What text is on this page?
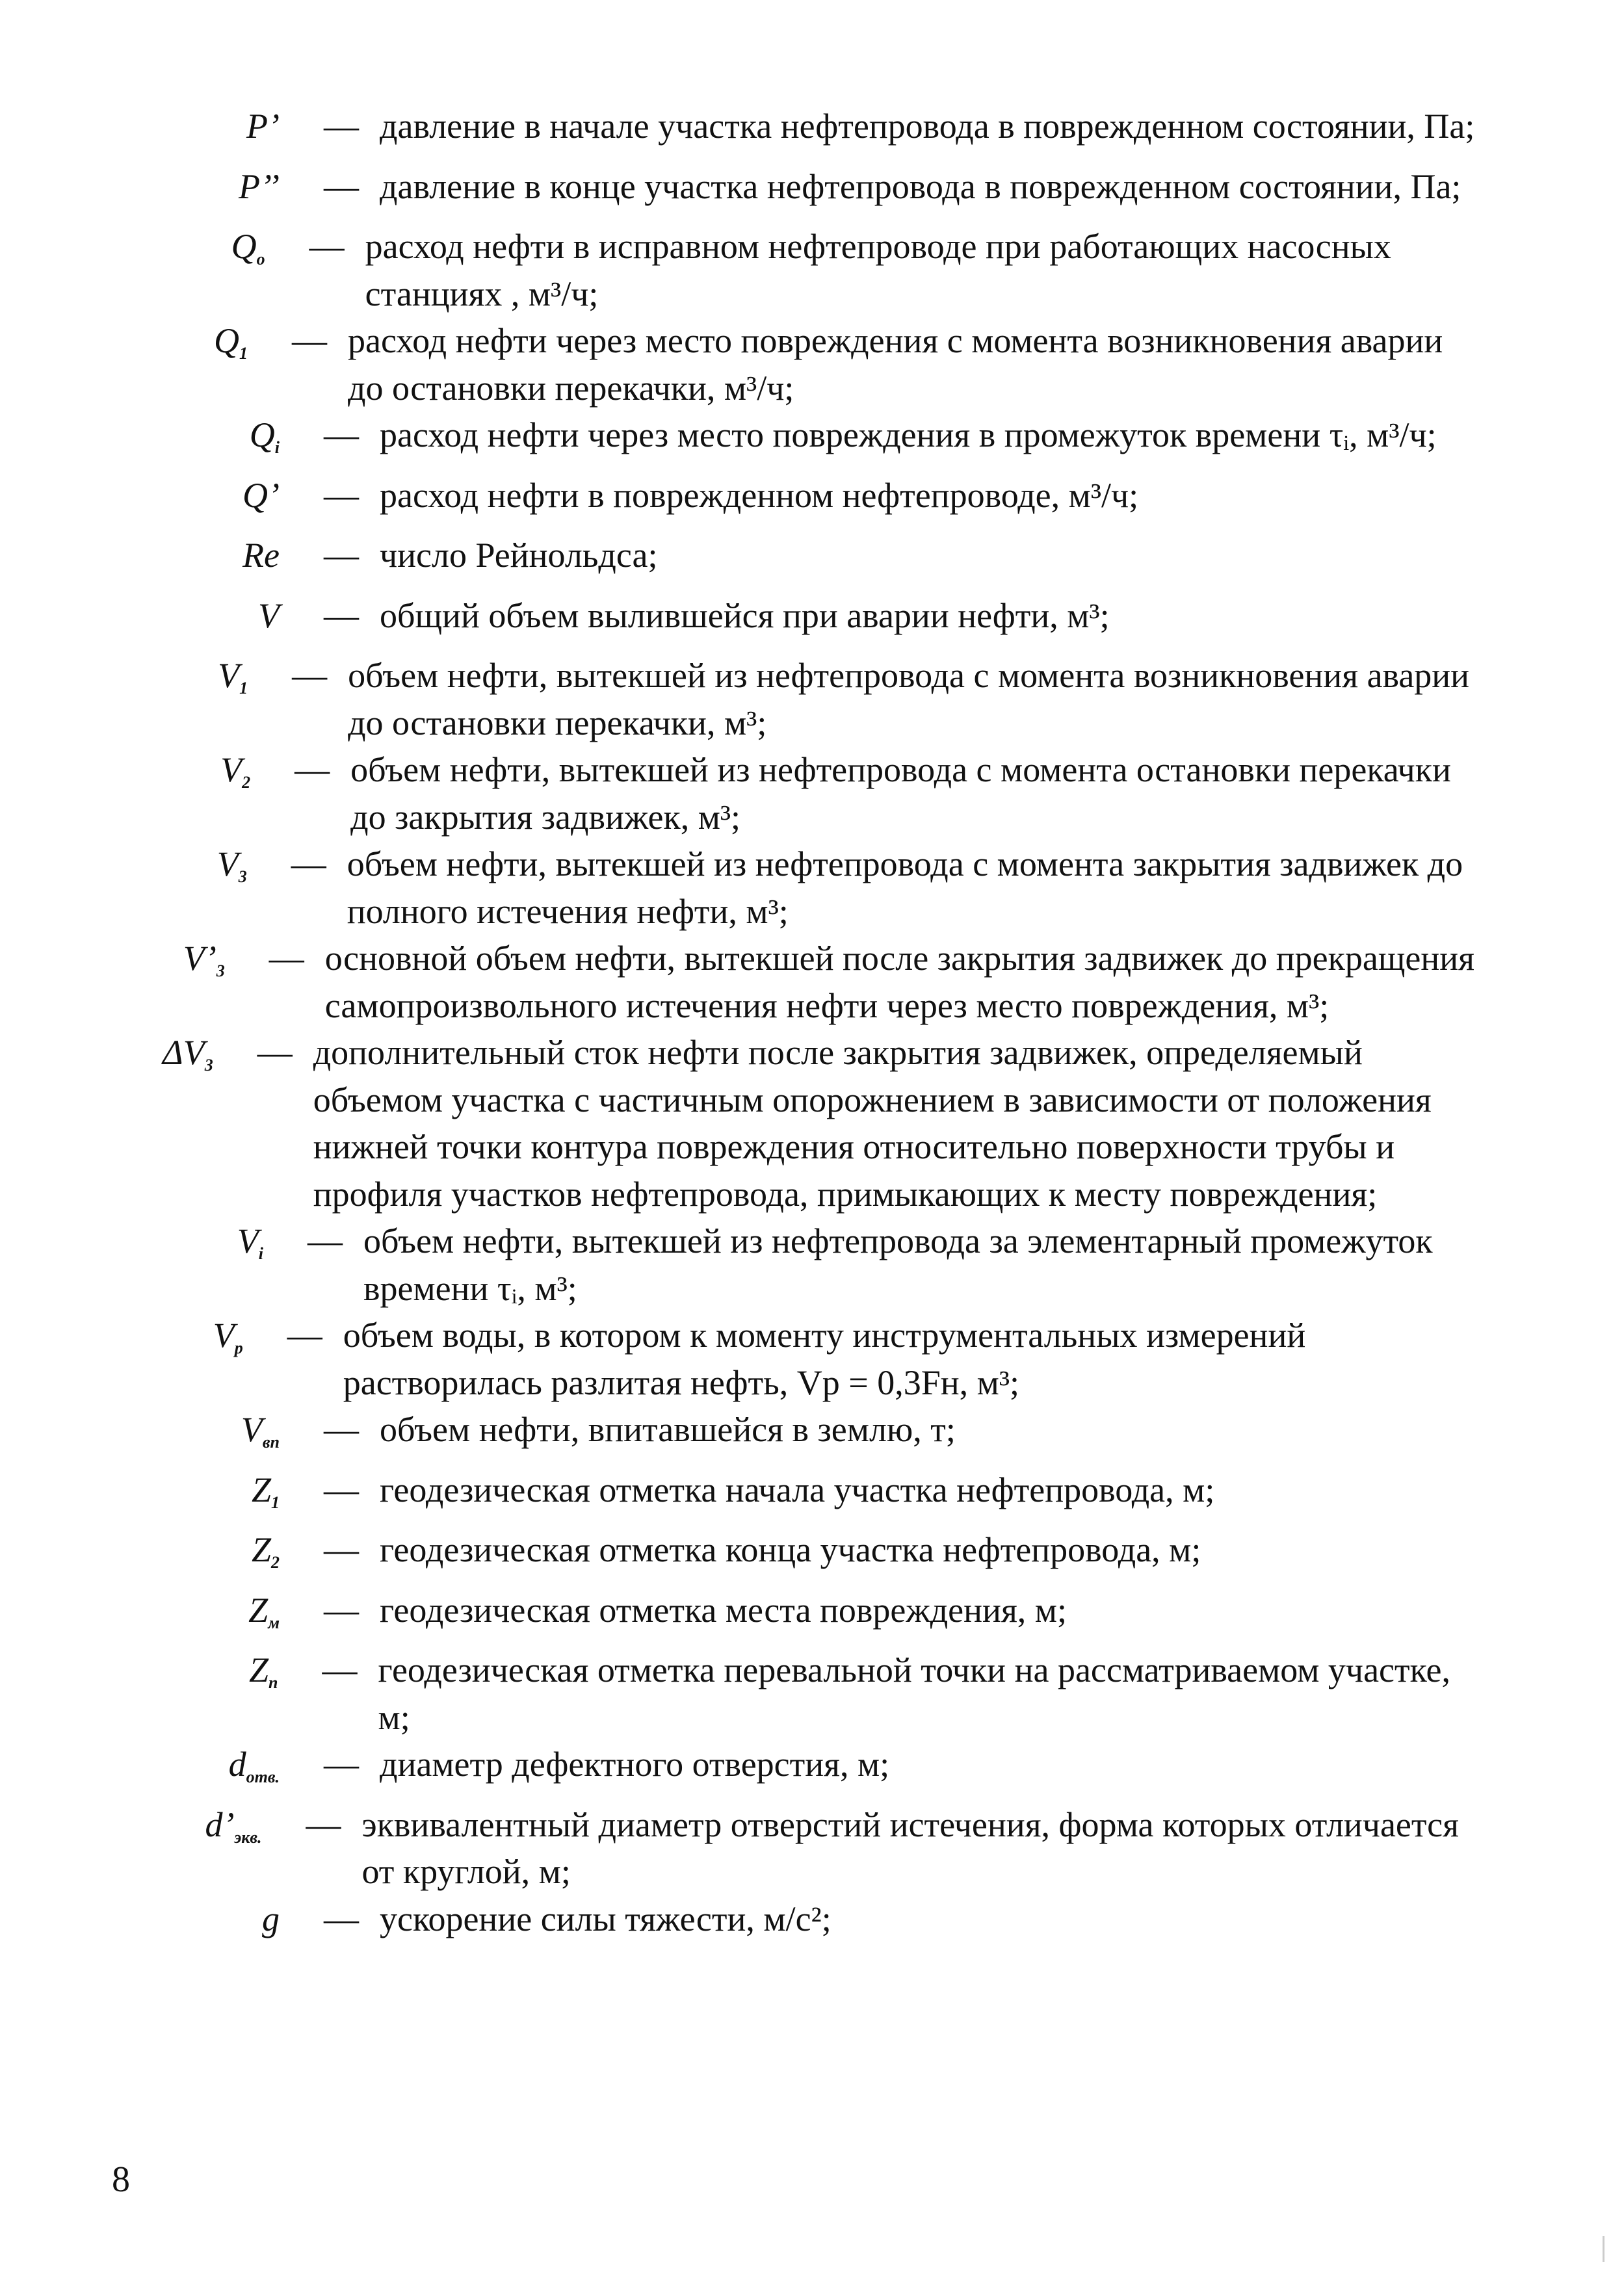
P’	— давление в начале участка нефтепровода в поврежденном состоянии, Па;
P’’	— давление в конце участка нефтепровода в поврежденном состоянии, Па;
$Q_о$	— расход нефти в исправном нефтепроводе при работающих насосных станциях , м³/ч;
$Q_1$	— расход нефти через место повреждения с момента возникновения аварии до остановки перекачки, м³/ч;
$Q_i$	— расход нефти через место повреждения в промежуток времени τᵢ, м³/ч;
Q’	— расход нефти в поврежденном нефтепроводе, м³/ч;
Re	— число Рейнольдса;
V	— общий объем вылившейся при аварии нефти, м³;
$V_1$	— объем нефти, вытекшей из нефтепровода с момента возникновения аварии до остановки перекачки, м³;
$V_2$	— объем нефти, вытекшей из нефтепровода с момента остановки перекачки до закрытия задвижек, м³;
$V_3$	— объем нефти, вытекшей из нефтепровода с момента закрытия задвижек до полного истечения нефти, м³;
$V’_3$	— основной объем нефти, вытекшей после закрытия задвижек до прекращения самопроизвольного истечения нефти через место повреждения, м³;
$\Delta V_3$	— дополнительный сток нефти после закрытия задвижек, определяемый объемом участка с частичным опорожнением в зависимости от положения нижней точки контура повреждения относительно поверхности трубы и профиля участков нефтепровода, примыкающих к месту повреждения;
$V_i$	— объем нефти, вытекшей из нефтепровода за элементарный промежуток времени τᵢ, м³;
$V_р$	— объем воды, в котором к моменту инструментальных измерений растворилась разлитая нефть, Vр = 0,3Fн, м³;
$V_{вп}$	— объем нефти, впитавшейся в землю, т;
$Z_1$	— геодезическая отметка начала участка нефтепровода, м;
$Z_2$	— геодезическая отметка конца участка нефтепровода, м;
$Z_м$	— геодезическая отметка места повреждения, м;
$Z_п$	— геодезическая отметка перевальной точки на рассматриваемом участке, м;
$d_{отв.}$	— диаметр дефектного отверстия, м;
$d’_{экв.}$	— эквивалентный диаметр отверстий истечения, форма которых отличается от круглой, м;
g	— ускорение силы тяжести, м/с²;
8
